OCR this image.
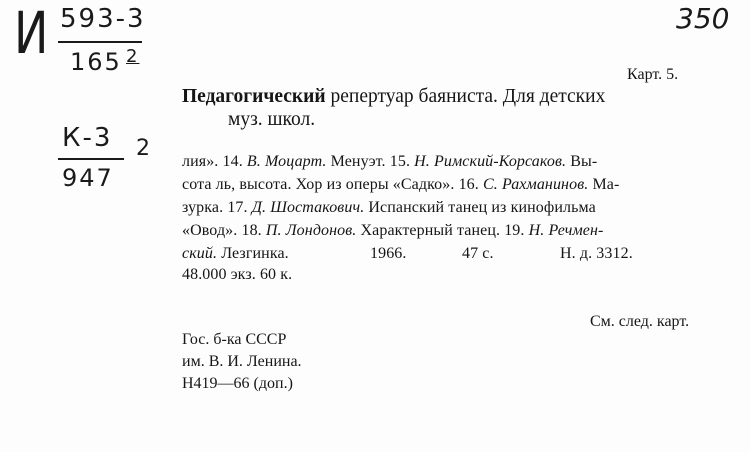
И 593-3
165 2
К-3
947
2
350
Карт. 5.
Педагогический репертуар баяниста. Для детских
муз. школ.
лия». 14. В. Моцарт. Менуэт. 15. Н. Римский-Корсаков. Вы-
сота ль, высота. Хор из оперы «Садко». 16. С. Рахманинов. Ма-
зурка. 17. Д. Шостакович. Испанский танец из кинофильма
«Овод». 18. П. Лондонов. Характерный танец. 19. Н. Речмен-
ский. Лезгинка.	1966.	47 с.	Н. д. 3312.
48.000 экз. 60 к.
См. след. карт.
Гос. б-ка СССР
им. В. И. Ленина.
Н419—66 (доп.)
